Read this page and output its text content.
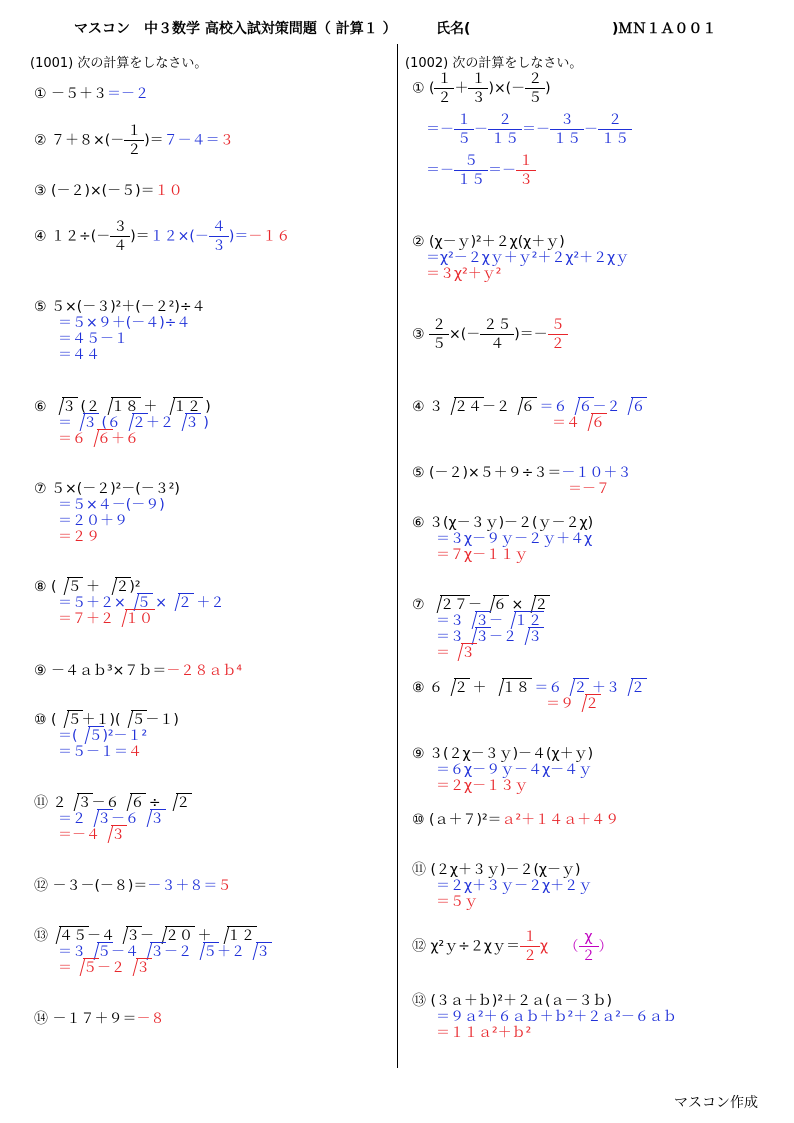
マスコン　中３数学 高校入試対策問題（ 計算１ ）	氏名(	)ＭＮ１Ａ００１
(1001) 次の計算をしなさい。
① －５＋３＝－２
② $7+8\times(- \frac{1}{2} )=7-4=3$
③ (－２)×(－５)＝１０
④ $12\div(- \frac{3}{4} )=12\times(- \frac{4}{3} )=-16$
⑤ ５×(－３)²＋(－２²)÷４
＝５×９＋(－４)÷４
＝４５－１
＝４４
⑥ ３ (２ １８ ＋ １２ )
＝ ３ (６ ２＋２ ３ )
＝６ ６＋６
⑦ ５×(－２)²－(－３²)
＝５×４－(－９)
＝２０＋９
＝２９
⑧ ( ５ ＋ ２)²
＝５＋２× ５ × ２ ＋２
＝７＋２ １０
⑨ －４ａｂ³×７ｂ＝－２８ａｂ⁴
⑩ ( ５＋１)( ５－１)
＝( ５)²－１²
＝５－１＝４
⑪ ２ ３－６ ６ ÷ ２
＝２ ３－６ ３
＝－４ ３
⑫ －３－(－８)＝－３＋８＝５
⑬ ４５－４ ３－ ２０ ＋ １２
＝３ ５－４ ３－２ ５＋２ ３
＝ ５－２ ３
⑭ －１７＋９＝－８
(1002) 次の計算をしなさい。
① ( $\frac{1}{2} + \frac{1}{3}$ )×(－ $\frac{2}{5}$ )
＝－ $\frac{1}{5} - \frac{2}{15} =- \frac{3}{15} - \frac{2}{15}$
＝－ $\frac{5}{15} =- \frac{1}{3}$
② (χ－ｙ)²＋２χ(χ＋ｙ)
＝χ²－２χｙ＋ｙ²＋２χ²＋２χｙ
＝３χ²＋ｙ²
③ $\frac{2}{5}$ ×(－ $\frac{25}{4}$ )＝－ $\frac{5}{2}$
④ ３ ２４－２ ６ ＝６ ６－２ ６
＝４ ６
⑤ (－２)×５＋９÷３＝－１０＋３
＝－７
⑥ ３(χ－３ｙ)－２(ｙ－２χ)
＝３χ－９ｙ－２ｙ＋４χ
＝７χ－１１ｙ
⑦ ２７－ ６ × ２
＝３ ３－ １２
＝３ ３－２ ３
＝ ３
⑧ ６ ２ ＋ １８ ＝６ ２ ＋３ ２
＝９ ２
⑨ ３(２χ－３ｙ)－４(χ＋ｙ)
＝６χ－９ｙ－４χ－４ｙ
＝２χ－１３ｙ
⑩ (ａ＋７)²＝ａ²＋１４ａ＋４９
⑪ (２χ＋３ｙ)－２(χ－ｙ)
＝２χ＋３ｙ－２χ＋２ｙ
＝５ｙ
⑫ χ²ｙ÷２χｙ＝ $\frac{1}{2}$ χ （ $\frac{\chi}{2}$ ）
⑬ (３ａ＋ｂ)²＋２ａ(ａ－３ｂ)
＝９ａ²＋６ａｂ＋ｂ²＋２ａ²－６ａｂ
＝１１ａ²＋ｂ²
マスコン作成
